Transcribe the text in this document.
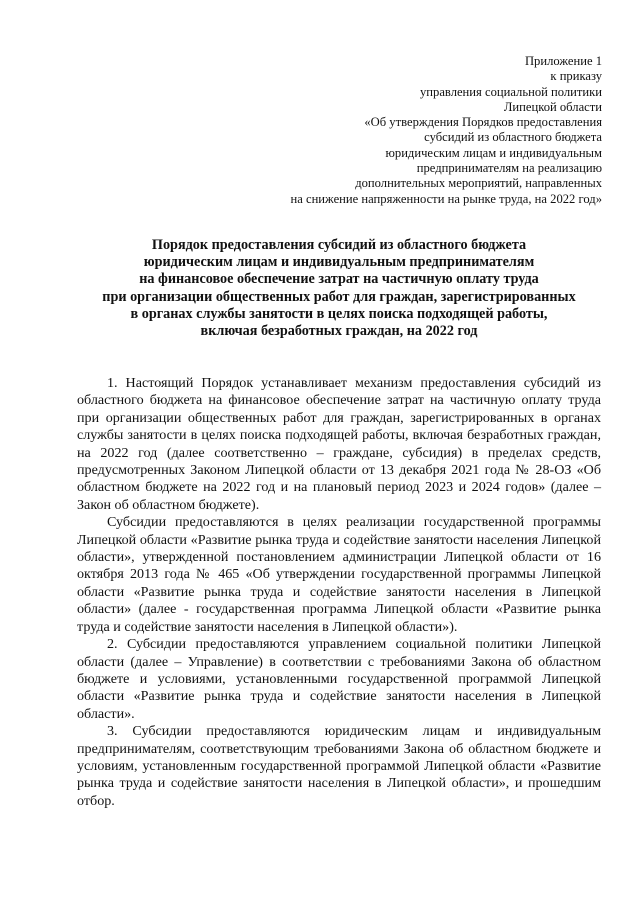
Приложение 1
к приказу
управления социальной политики
Липецкой области
«Об утверждения Порядков предоставления
субсидий из областного бюджета
юридическим лицам и индивидуальным
предпринимателям на реализацию
дополнительных мероприятий, направленных
на снижение напряженности на рынке труда, на 2022 год»
Порядок предоставления субсидий из областного бюджета
юридическим лицам и индивидуальным предпринимателям
на финансовое обеспечение затрат на частичную оплату труда
при организации общественных работ для граждан, зарегистрированных
в органах службы занятости в целях поиска подходящей работы,
включая безработных граждан, на 2022 год

1. Настоящий Порядок устанавливает механизм предоставления субсидий из областного бюджета на финансовое обеспечение затрат на частичную оплату труда при организации общественных работ для граждан, зарегистрированных в органах службы занятости в целях поиска подходящей работы, включая безработных граждан, на 2022 год (далее соответственно – граждане, субсидия) в пределах средств, предусмотренных Законом Липецкой области от 13 декабря 2021 года № 28-ОЗ «Об областном бюджете на 2022 год и на плановый период 2023 и 2024 годов» (далее – Закон об областном бюджете).

Субсидии предоставляются в целях реализации государственной программы Липецкой области «Развитие рынка труда и содействие занятости населения Липецкой области», утвержденной постановлением администрации Липецкой области от 16 октября 2013 года № 465 «Об утверждении государственной программы Липецкой области «Развитие рынка труда и содействие занятости населения в Липецкой области» (далее - государственная программа Липецкой области «Развитие рынка труда и содействие занятости населения в Липецкой области»).

2. Субсидии предоставляются управлением социальной политики Липецкой области (далее – Управление) в соответствии с требованиями Закона об областном бюджете и условиями, установленными государственной программой Липецкой области «Развитие рынка труда и содействие занятости населения в Липецкой области».

3. Субсидии предоставляются юридическим лицам и индивидуальным предпринимателям, соответствующим требованиями Закона об областном бюджете и условиям, установленным государственной программой Липецкой области «Развитие рынка труда и содействие занятости населения в Липецкой области», и прошедшим отбор.
